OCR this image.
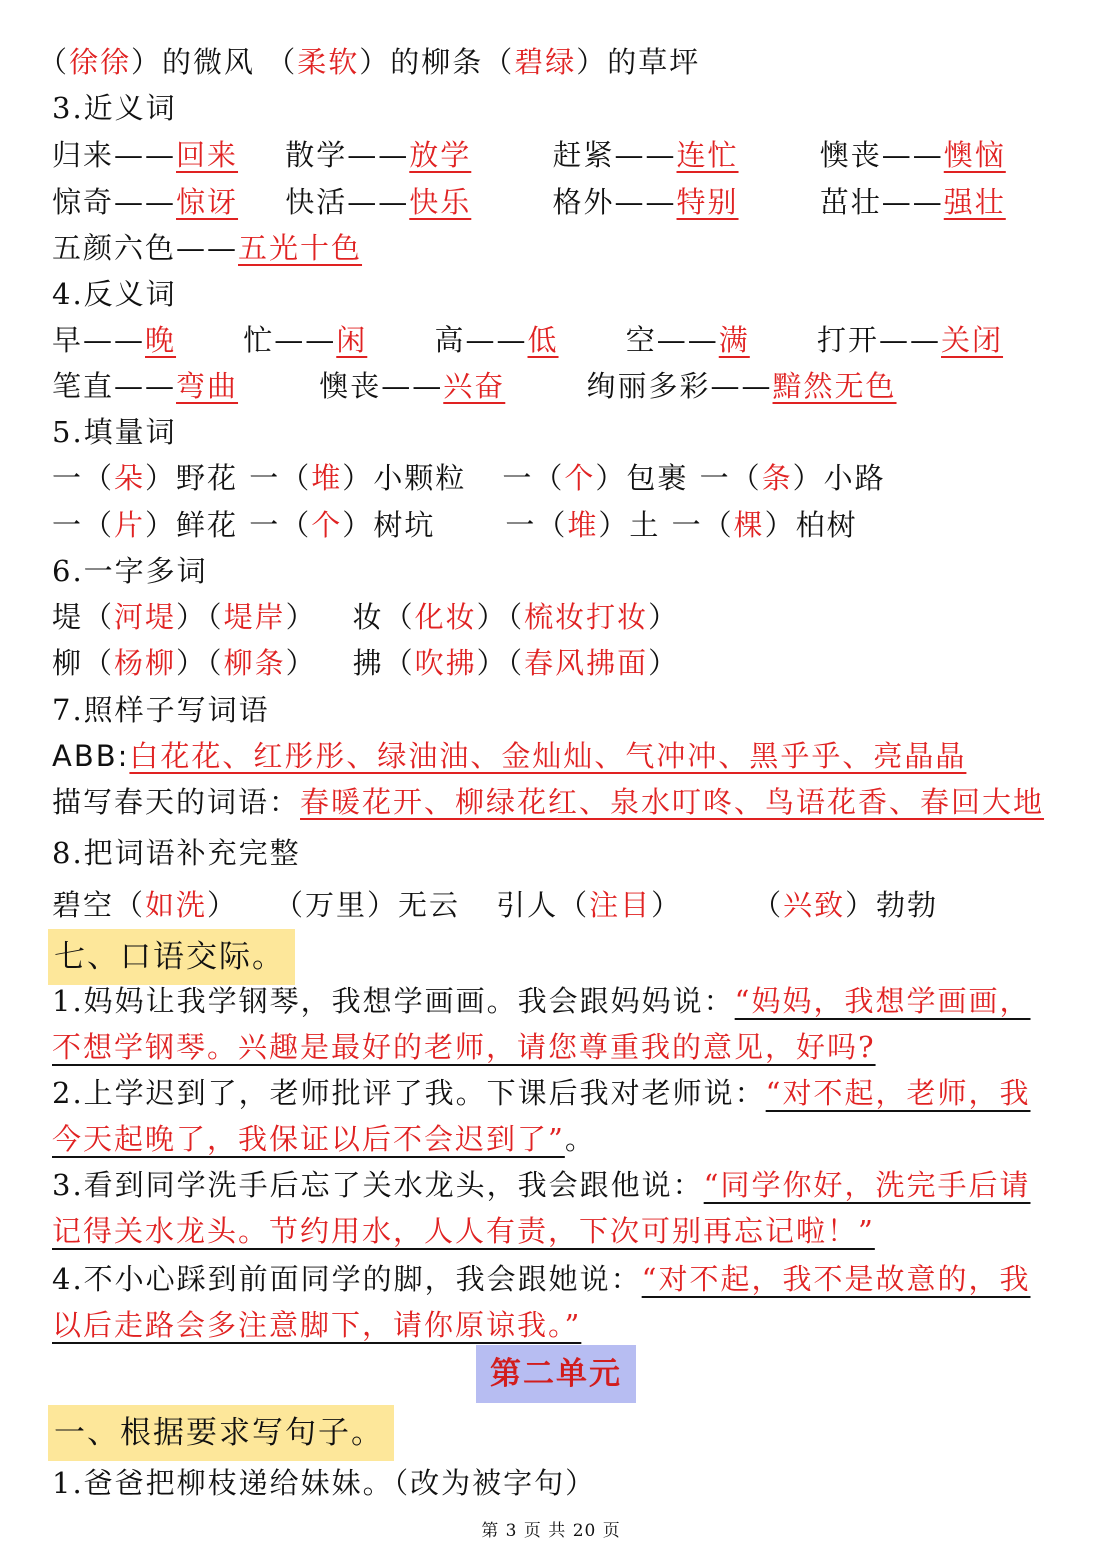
（徐徐）的微风 （柔软）的柳条（碧绿）的草坪
3.近义词
归来——回来 散学——放学	赶紧——连忙	懊丧——懊恼
惊奇——惊讶 快活——快乐	格外——特别	茁壮——强壮
五颜六色——五光十色
4.反义词
早——晚 忙——闲 高——低 空——满 打开——关闭
笔直——弯曲	懊丧——兴奋	绚丽多彩——黯然无色
5.填量词
一（朵）野花 一（堆）小颗粒 一（个）包裹 一（条）小路
一（片）鲜花 一（个）树坑 一（堆）土 一（棵）柏树
6.一字多词
堤（河堤）（堤岸） 妆（化妆）（梳妆打妆）
柳（杨柳）（柳条） 拂（吹拂）（春风拂面）
7.照样子写词语
ABB:白花花、红彤彤、绿油油、金灿灿、气冲冲、黑乎乎、亮晶晶
描写春天的词语：春暖花开、柳绿花红、泉水叮咚、鸟语花香、春回大地
8.把词语补充完整
碧空（如洗） （万里）无云 引人（注目） （兴致）勃勃
七、口语交际。
1.妈妈让我学钢琴，我想学画画。我会跟妈妈说：“妈妈，我想学画画，不想学钢琴。兴趣是最好的老师，请您尊重我的意见，好吗?
2.上学迟到了，老师批评了我。下课后我对老师说：“对不起，老师，我今天起晚了，我保证以后不会迟到了”。
3.看到同学洗手后忘了关水龙头，我会跟他说：“同学你好，洗完手后请记得关水龙头。节约用水，人人有责，下次可别再忘记啦！”
4.不小心踩到前面同学的脚，我会跟她说：“对不起，我不是故意的，我以后走路会多注意脚下，请你原谅我。”
第二单元
一、根据要求写句子。
1.爸爸把柳枝递给妹妹。（改为被字句）
第 3 页 共 20 页
